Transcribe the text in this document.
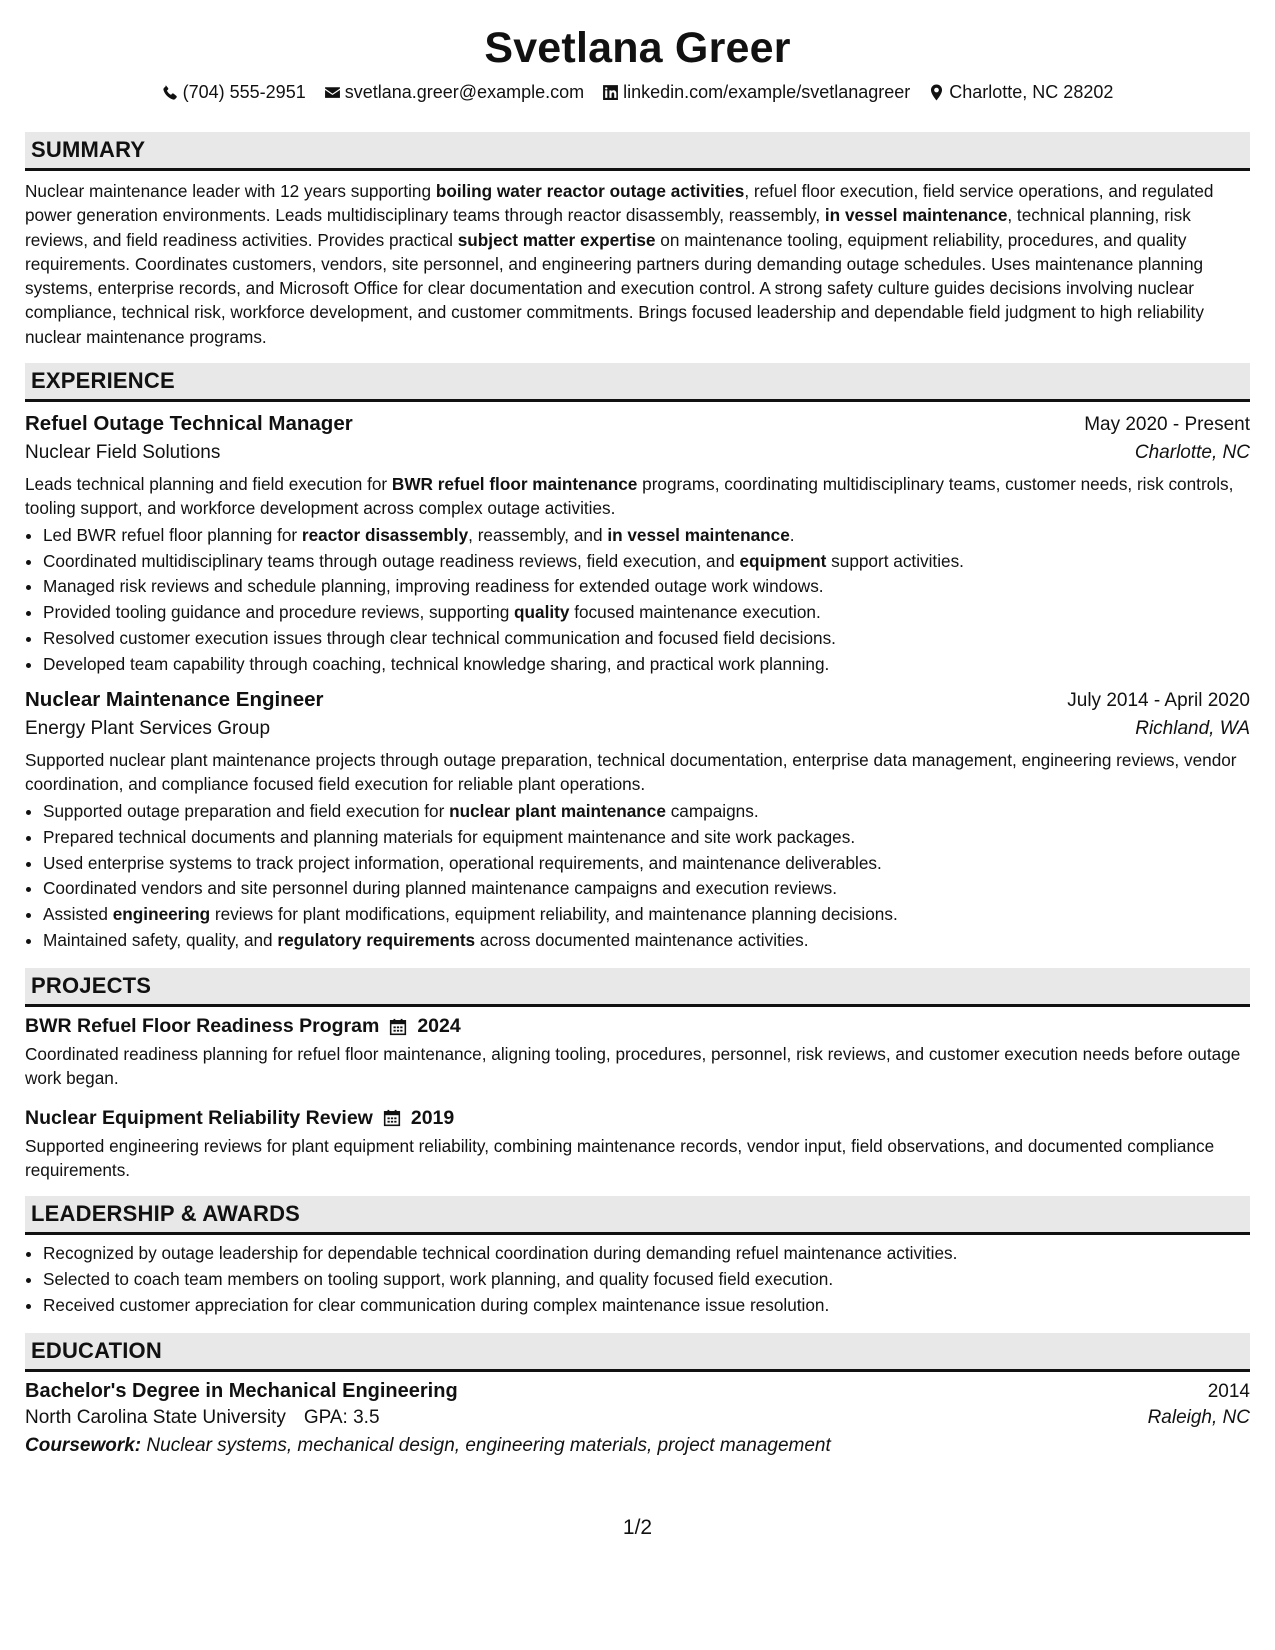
Svetlana Greer
(704) 555-2951 svetlana.greer@example.com linkedin.com/example/svetlanagreer Charlotte, NC 28202
SUMMARY

Nuclear maintenance leader with 12 years supporting boiling water reactor outage activities, refuel floor execution, field service operations, and regulated power generation environments. Leads multidisciplinary teams through reactor disassembly, reassembly, in vessel maintenance, technical planning, risk reviews, and field readiness activities. Provides practical subject matter expertise on maintenance tooling, equipment reliability, procedures, and quality requirements. Coordinates customers, vendors, site personnel, and engineering partners during demanding outage schedules. Uses maintenance planning systems, enterprise records, and Microsoft Office for clear documentation and execution control. A strong safety culture guides decisions involving nuclear compliance, technical risk, workforce development, and customer commitments. Brings focused leadership and dependable field judgment to high reliability nuclear maintenance programs.

EXPERIENCE
Refuel Outage Technical Manager	May 2020 - Present
Nuclear Field Solutions	Charlotte, NC

Leads technical planning and field execution for BWR refuel floor maintenance programs, coordinating multidisciplinary teams, customer needs, risk controls, tooling support, and workforce development across complex outage activities.

• Led BWR refuel floor planning for reactor disassembly, reassembly, and in vessel maintenance.
• Coordinated multidisciplinary teams through outage readiness reviews, field execution, and equipment support activities.
• Managed risk reviews and schedule planning, improving readiness for extended outage work windows.
• Provided tooling guidance and procedure reviews, supporting quality focused maintenance execution.
• Resolved customer execution issues through clear technical communication and focused field decisions.
• Developed team capability through coaching, technical knowledge sharing, and practical work planning.
Nuclear Maintenance Engineer	July 2014 - April 2020
Energy Plant Services Group	Richland, WA

Supported nuclear plant maintenance projects through outage preparation, technical documentation, enterprise data management, engineering reviews, vendor coordination, and compliance focused field execution for reliable plant operations.

• Supported outage preparation and field execution for nuclear plant maintenance campaigns.
• Prepared technical documents and planning materials for equipment maintenance and site work packages.
• Used enterprise systems to track project information, operational requirements, and maintenance deliverables.
• Coordinated vendors and site personnel during planned maintenance campaigns and execution reviews.
• Assisted engineering reviews for plant modifications, equipment reliability, and maintenance planning decisions.
• Maintained safety, quality, and regulatory requirements across documented maintenance activities.
PROJECTS
BWR Refuel Floor Readiness Program 2024

Coordinated readiness planning for refuel floor maintenance, aligning tooling, procedures, personnel, risk reviews, and customer execution needs before outage work began.

Nuclear Equipment Reliability Review 2019

Supported engineering reviews for plant equipment reliability, combining maintenance records, vendor input, field observations, and documented compliance requirements.

LEADERSHIP & AWARDS
• Recognized by outage leadership for dependable technical coordination during demanding refuel maintenance activities.
• Selected to coach team members on tooling support, work planning, and quality focused field execution.
• Received customer appreciation for clear communication during complex maintenance issue resolution.
EDUCATION
Bachelor's Degree in Mechanical Engineering	2014
North Carolina State University GPA: 3.5	Raleigh, NC
Coursework: Nuclear systems, mechanical design, engineering materials, project management
1/2
